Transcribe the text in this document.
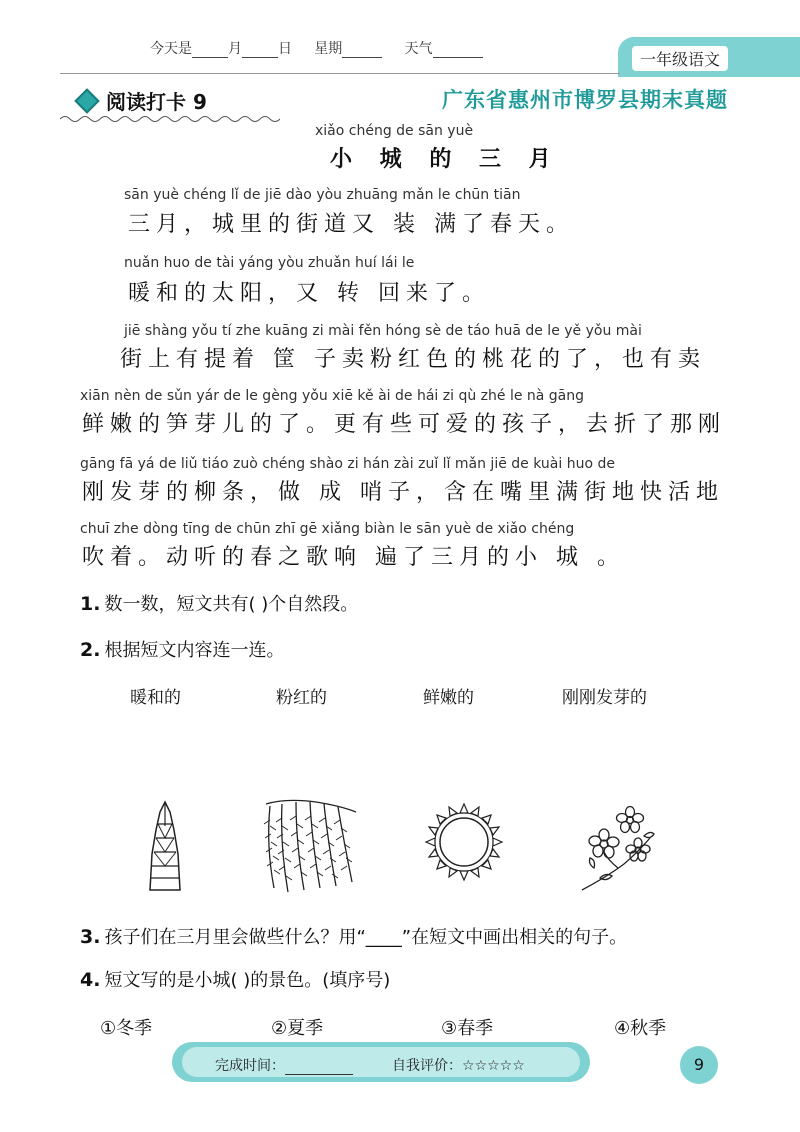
今天是	月	日 星期	天气
一年级语文
阅读打卡 9	广东省惠州市博罗县期末真题
xiǎo chéng de sān yuè
小 城 的 三 月
sān yuè chéng lǐ de jiē dào yòu zhuāng mǎn le chūn tiān
三月，城里的街道又 装 满了春天。
nuǎn huo de tài yáng yòu zhuǎn huí lái le
暖和的太阳，又 转 回来了。
jiē shàng yǒu tí zhe kuāng zi mài fěn hóng sè de táo huā de le yě yǒu mài
街上有提着 筐 子卖粉红色的桃花的了，也有卖
xiān nèn de sǔn yár de le gèng yǒu xiē kě ài de hái zi qù zhé le nà gāng
鲜嫩的笋芽儿的了。更有些可爱的孩子，去折了那刚
gāng fā yá de liǔ tiáo zuò chéng shào zi hán zài zuǐ lǐ mǎn jiē de kuài huo de
刚发芽的柳条，做 成 哨子，含在嘴里满街地快活地
chuī zhe dòng tīng de chūn zhī gē xiǎng biàn le sān yuè de xiǎo chéng
吹着。动听的春之歌响 遍了三月的小 城 。
1. 数一数，短文共有( )个自然段。
2. 根据短文内容连一连。
暖和的	粉红的	鲜嫩的	刚刚发芽的
3. 孩子们在三月里会做些什么？用“____”在短文中画出相关的句子。
4. 短文写的是小城( )的景色。(填序号)
①冬季	②夏季	③春季	④秋季
完成时间：	自我评价：☆☆☆☆☆	9
